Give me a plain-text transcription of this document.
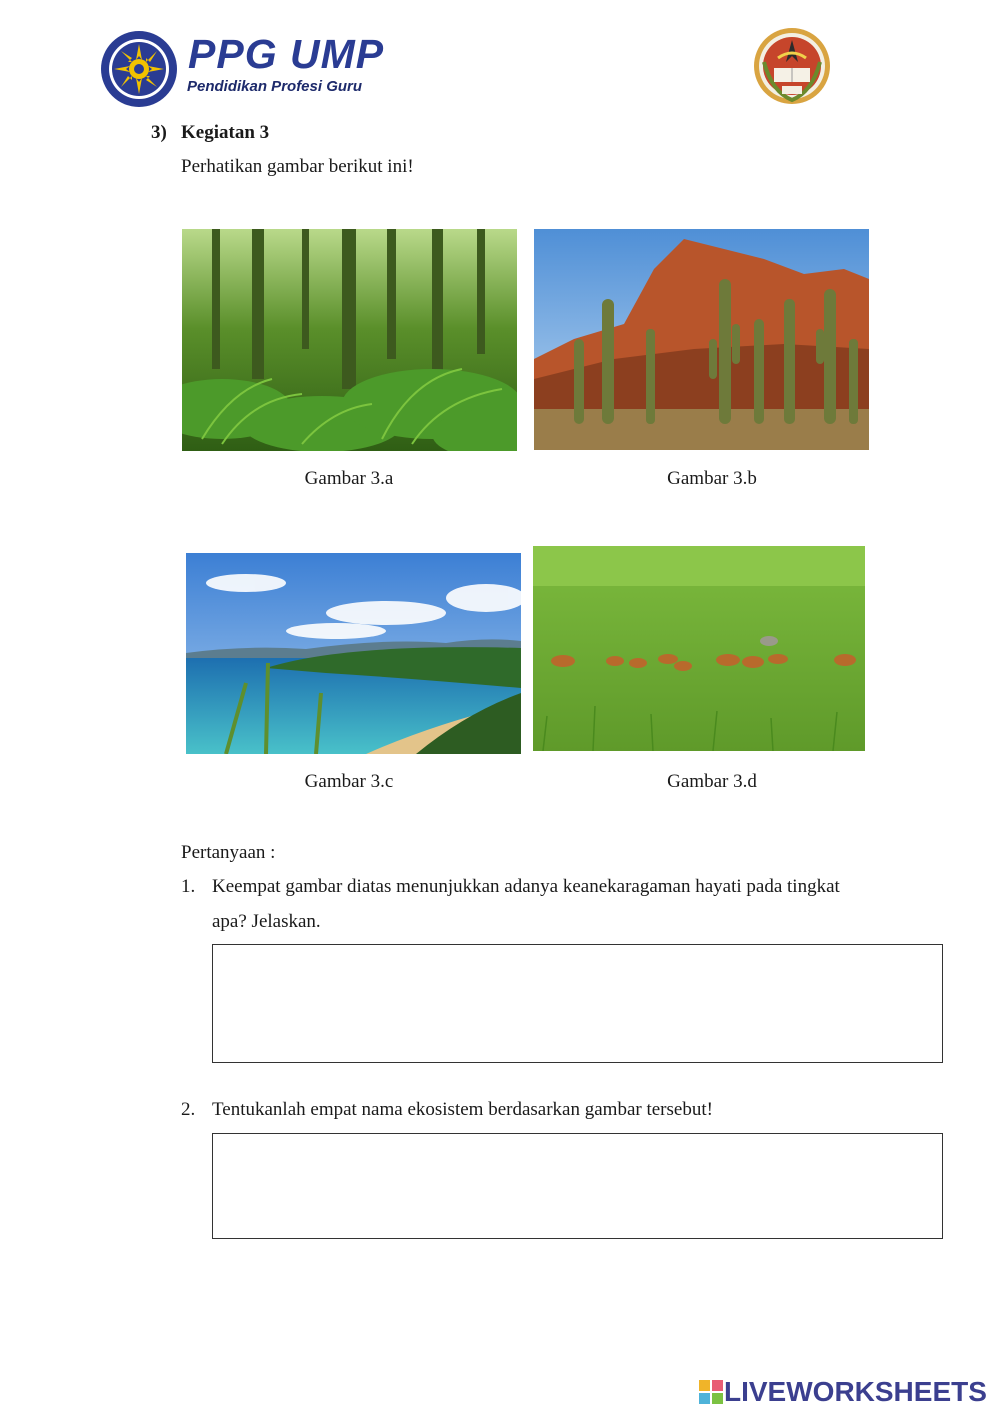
PPG UMP
Pendidikan Profesi Guru
3) Kegiatan 3
Perhatikan gambar berikut ini!
Gambar 3.a	Gambar 3.b
Gambar 3.c	Gambar 3.d
Pertanyaan :
1. Keempat gambar diatas menunjukkan adanya keanekaragaman hayati pada tingkat
apa? Jelaskan.
2. Tentukanlah empat nama ekosistem berdasarkan gambar tersebut!
LIVEWORKSHEETS
